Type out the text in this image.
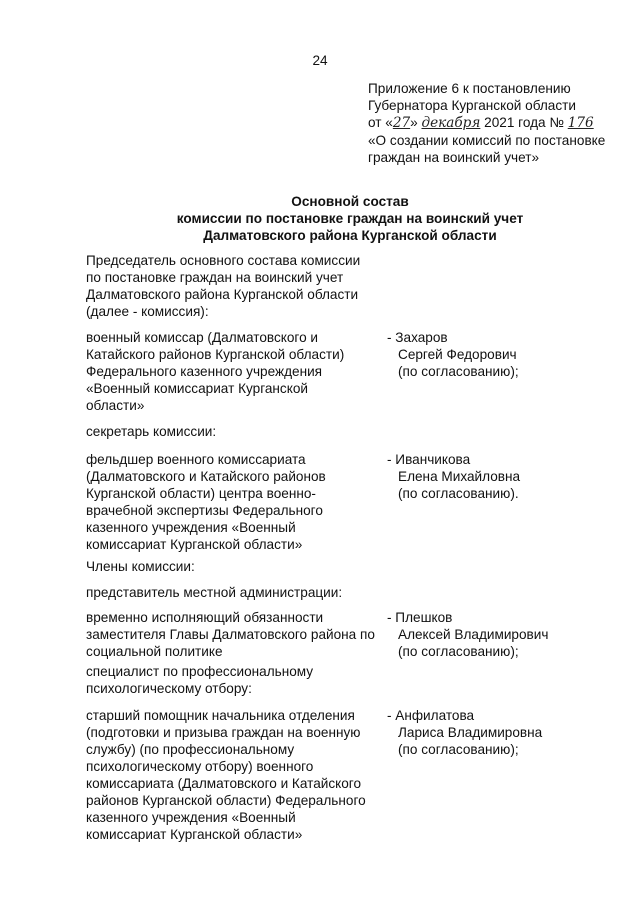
24
Приложение 6 к постановлению
Губернатора Курганской области
от «27» декабря 2021 года № 176
«О создании комиссий по постановке
граждан на воинский учет»
Основной состав
комиссии по постановке граждан на воинский учет
Далматовского района Курганской области
Председатель основного состава комиссии
по постановке граждан на воинский учет
Далматовского района Курганской области
(далее - комиссия):
военный комиссар (Далматовского и
Катайского районов Курганской области)
Федерального казенного учреждения
«Военный комиссариат Курганской
области»
- Захаров
Сергей Федорович
(по согласованию);
секретарь комиссии:
фельдшер военного комиссариата
(Далматовского и Катайского районов
Курганской области) центра военно-
врачебной экспертизы Федерального
казенного учреждения «Военный
комиссариат Курганской области»
- Иванчикова
Елена Михайловна
(по согласованию).
Члены комиссии:
представитель местной администрации:
временно исполняющий обязанности
заместителя Главы Далматовского района по
социальной политике
- Плешков
Алексей Владимирович
(по согласованию);
специалист по профессиональному
психологическому отбору:
старший помощник начальника отделения
(подготовки и призыва граждан на военную
службу) (по профессиональному
психологическому отбору) военного
комиссариата (Далматовского и Катайского
районов Курганской области) Федерального
казенного учреждения «Военный
комиссариат Курганской области»
- Анфилатова
Лариса Владимировна
(по согласованию);
